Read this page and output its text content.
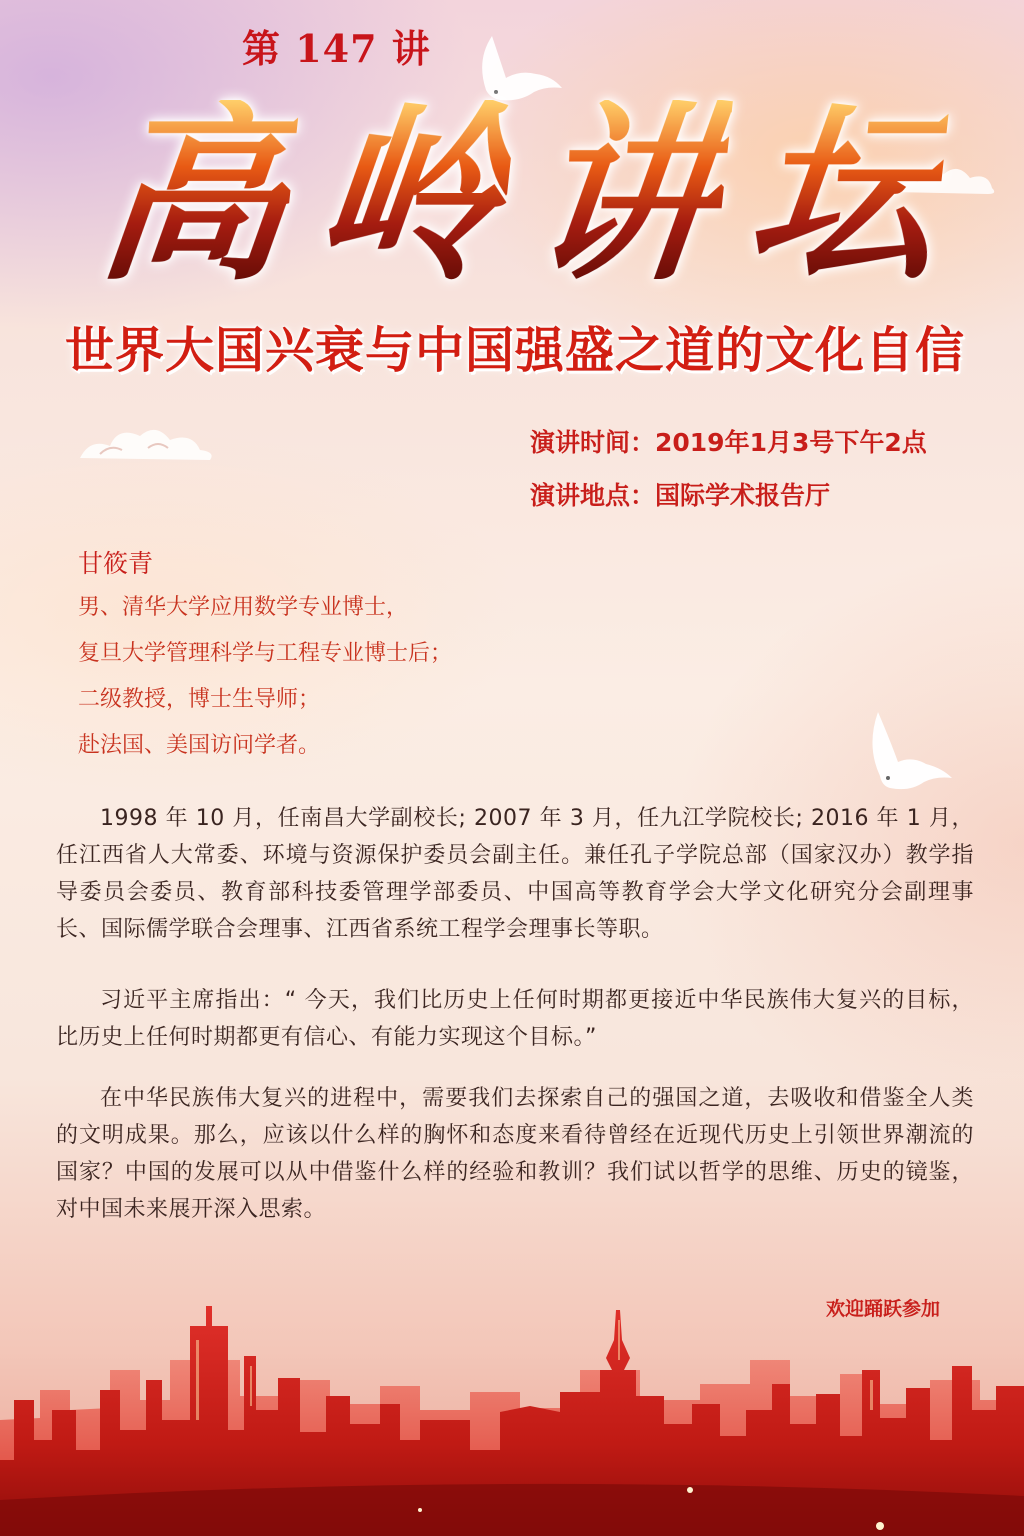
第 147 讲
高 岭 讲 坛
世界大国兴衰与中国强盛之道的文化自信
演讲时间：2019年1月3号下午2点
演讲地点：国际学术报告厅
甘筱青
男、清华大学应用数学专业博士，
复旦大学管理科学与工程专业博士后；
二级教授，博士生导师；
赴法国、美国访问学者。

1998 年 10 月，任南昌大学副校长; 2007 年 3 月，任九江学院校长; 2016 年 1 月，任江西省人大常委、环境与资源保护委员会副主任。兼任孔子学院总部（国家汉办）教学指导委员会委员、教育部科技委管理学部委员、中国高等教育学会大学文化研究分会副理事长、国际儒学联合会理事、江西省系统工程学会理事长等职。

习近平主席指出：“ 今天，我们比历史上任何时期都更接近中华民族伟大复兴的目标，比历史上任何时期都更有信心、有能力实现这个目标。”

在中华民族伟大复兴的进程中，需要我们去探索自己的强国之道，去吸收和借鉴全人类的文明成果。那么，应该以什么样的胸怀和态度来看待曾经在近现代历史上引领世界潮流的国家？中国的发展可以从中借鉴什么样的经验和教训？我们试以哲学的思维、历史的镜鉴，对中国未来展开深入思索。

欢迎踊跃参加
